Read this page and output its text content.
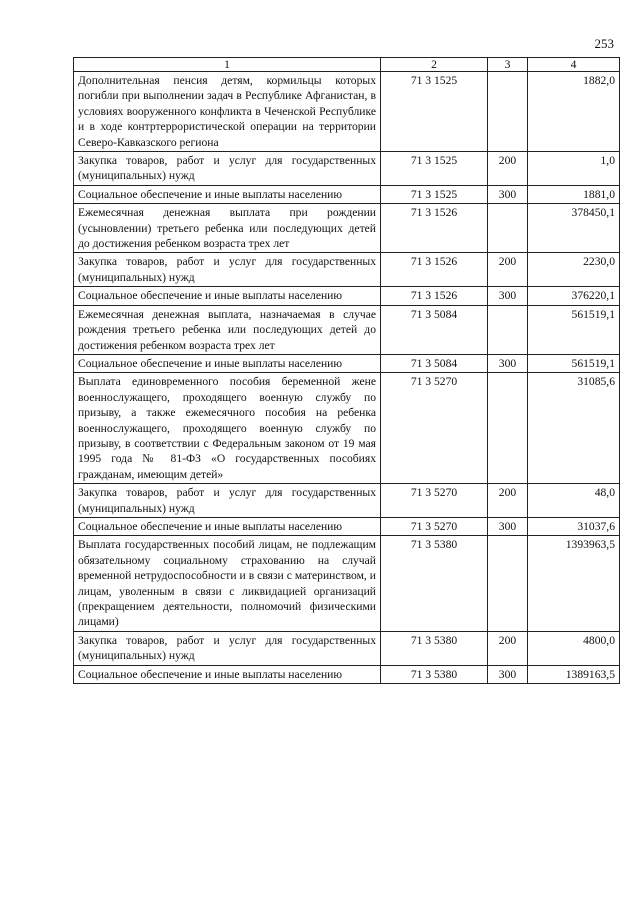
253
1	2	3	4
Дополнительная пенсия детям, кормильцы которых погибли при выполнении задач в Республике Афганистан, в условиях вооруженного конфликта в Чеченской Республике и в ходе контртеррористической операции на территории Северо-Кавказского региона	71 3 1525		1882,0
Закупка товаров, работ и услуг для государственных (муниципальных) нужд	71 3 1525	200	1,0
Социальное обеспечение и иные выплаты населению	71 3 1525	300	1881,0
Ежемесячная денежная выплата при рождении (усыновлении) третьего ребенка или последующих детей до достижения ребенком возраста трех лет	71 3 1526		378450,1
Закупка товаров, работ и услуг для государственных (муниципальных) нужд	71 3 1526	200	2230,0
Социальное обеспечение и иные выплаты населению	71 3 1526	300	376220,1
Ежемесячная денежная выплата, назначаемая в случае рождения третьего ребенка или последующих детей до достижения ребенком возраста трех лет	71 3 5084		561519,1
Социальное обеспечение и иные выплаты населению	71 3 5084	300	561519,1
Выплата единовременного пособия беременной жене военнослужащего, проходящего военную службу по призыву, а также ежемесячного пособия на ребенка военнослужащего, проходящего военную службу по призыву, в соответствии с Федеральным законом от 19 мая 1995 года № 81-ФЗ «О государственных пособиях гражданам, имеющим детей»	71 3 5270		31085,6
Закупка товаров, работ и услуг для государственных (муниципальных) нужд	71 3 5270	200	48,0
Социальное обеспечение и иные выплаты населению	71 3 5270	300	31037,6
Выплата государственных пособий лицам, не подлежащим обязательному социальному страхованию на случай временной нетрудоспособности и в связи с материнством, и лицам, уволенным в связи с ликвидацией организаций (прекращением деятельности, полномочий физическими лицами)	71 3 5380		1393963,5
Закупка товаров, работ и услуг для государственных (муниципальных) нужд	71 3 5380	200	4800,0
Социальное обеспечение и иные выплаты населению	71 3 5380	300	1389163,5
